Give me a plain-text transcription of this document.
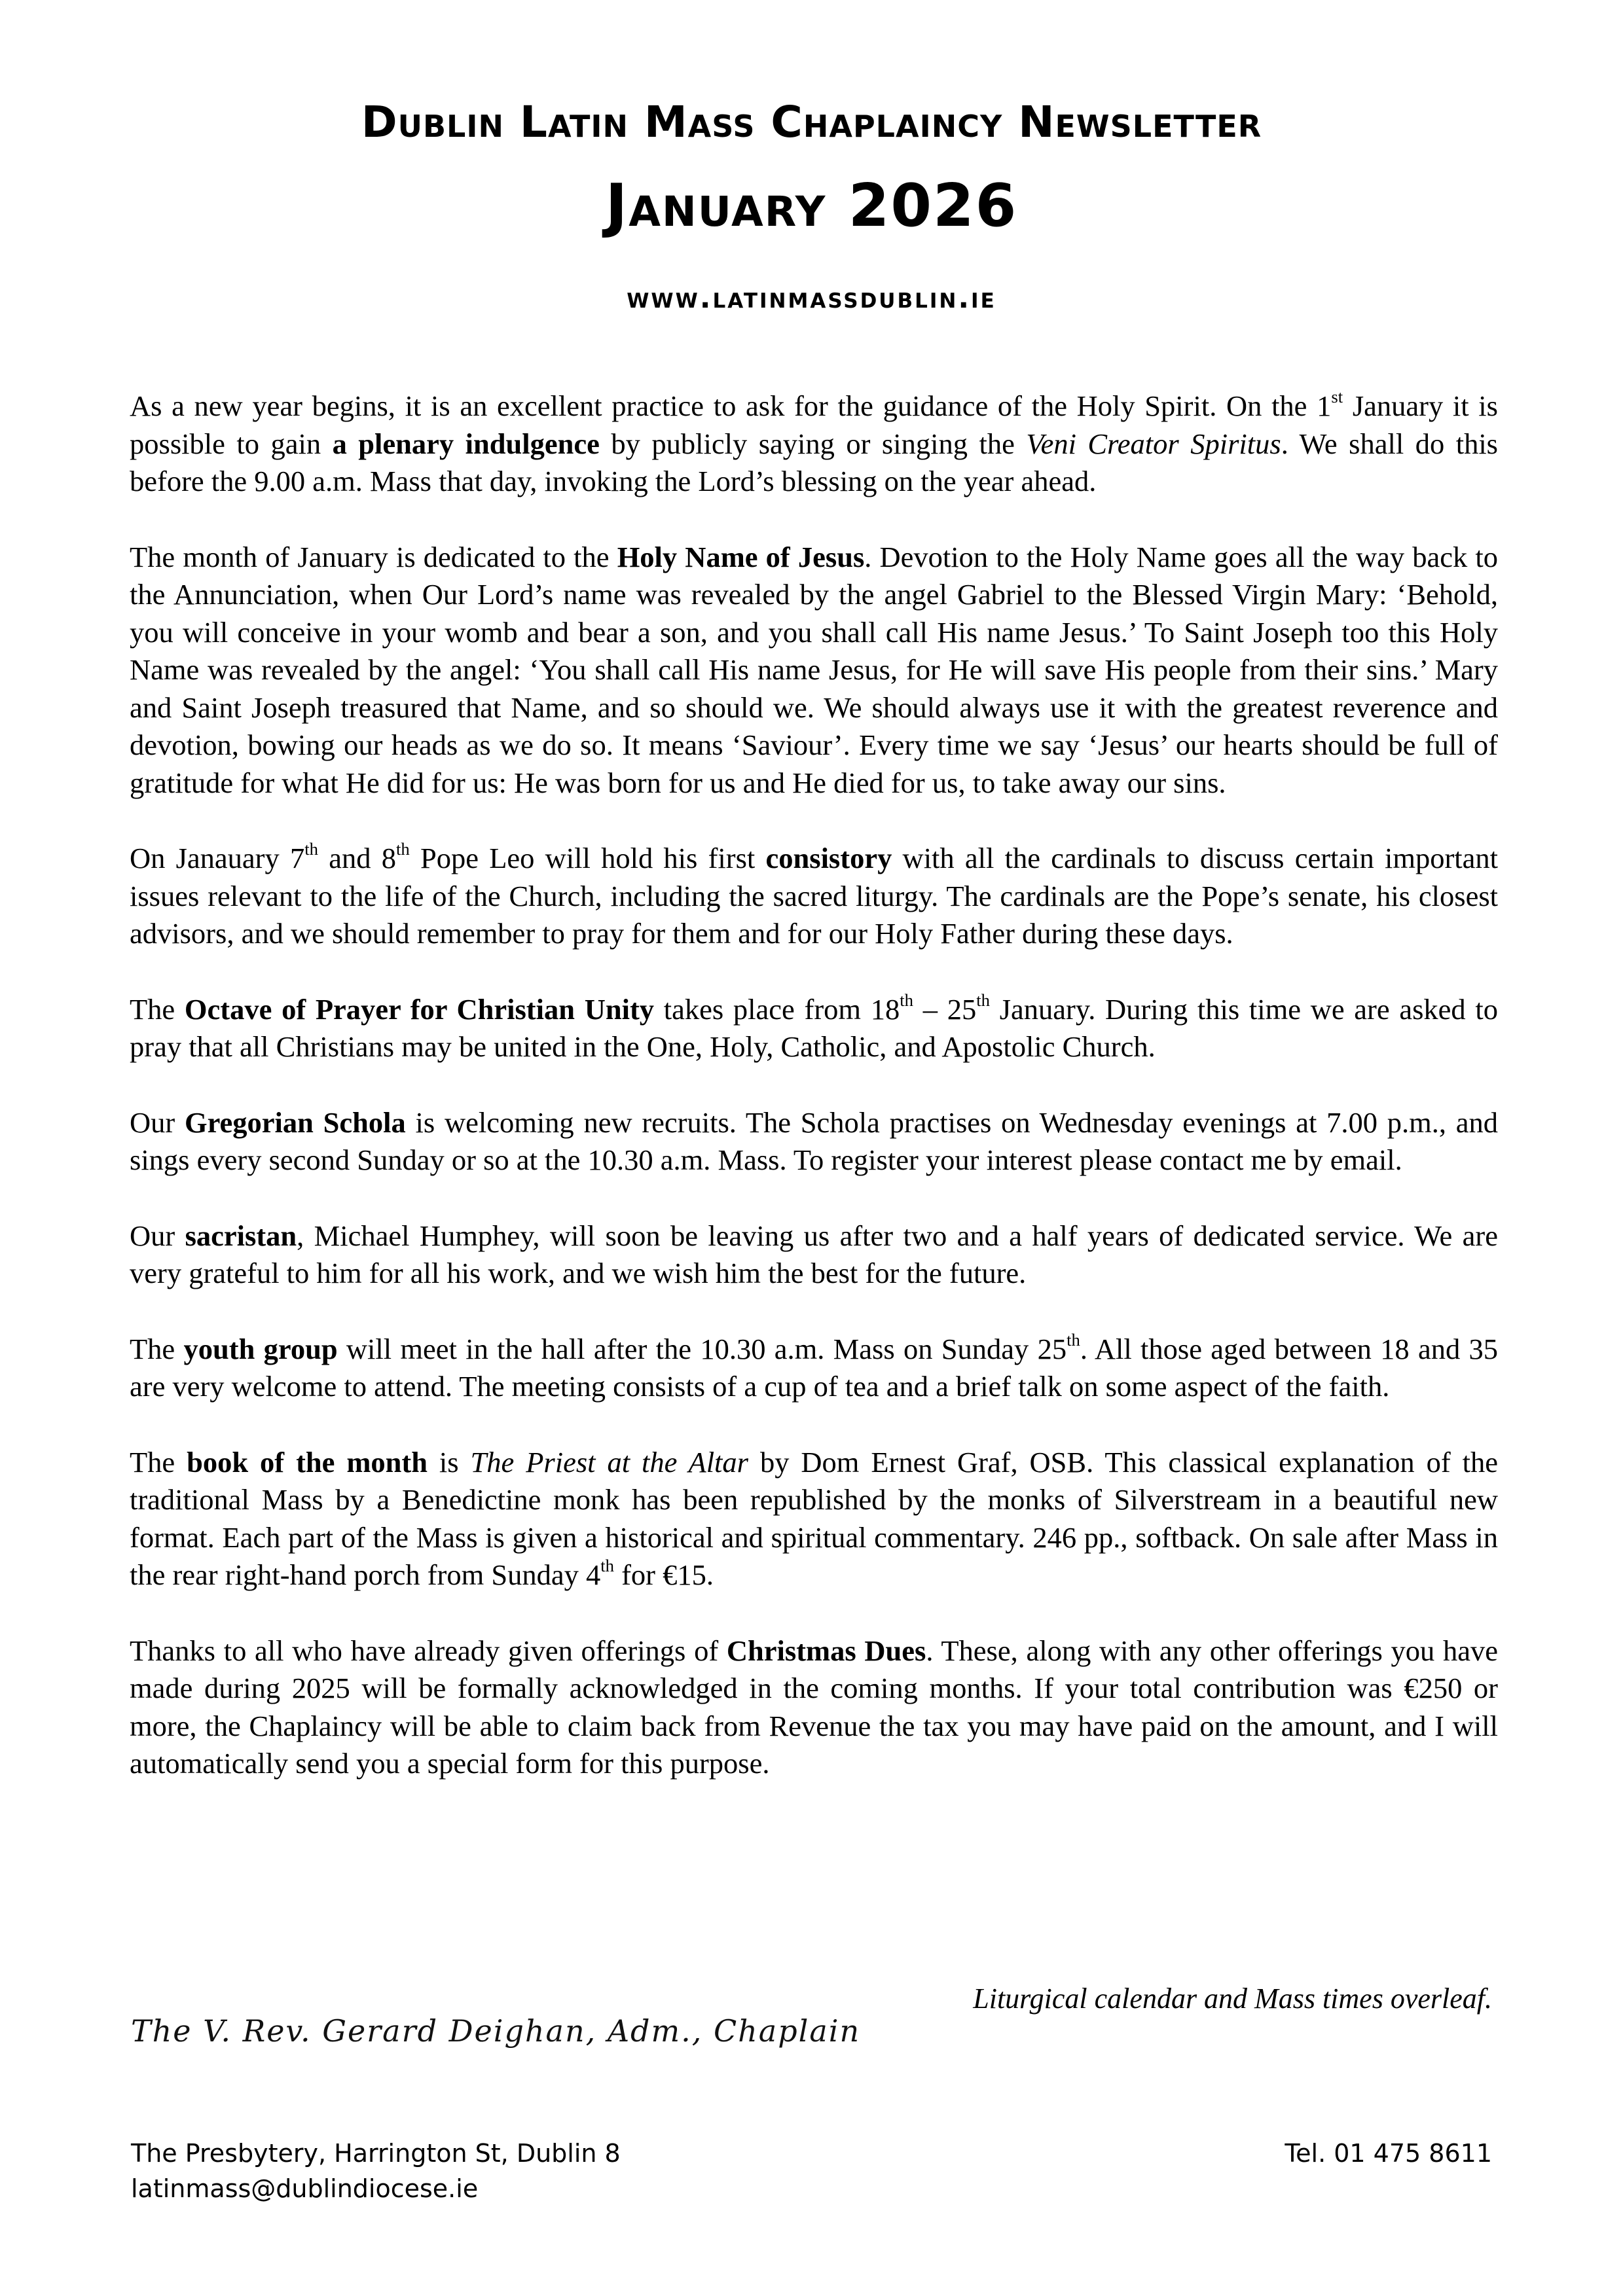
Dublin Latin Mass Chaplaincy Newsletter
January 2026
www.latinmassdublin.ie

As a new year begins, it is an excellent practice to ask for the guidance of the Holy Spirit. On the 1st January it is possible to gain a plenary indulgence by publicly saying or singing the Veni Creator Spiritus. We shall do this before the 9.00 a.m. Mass that day, invoking the Lord’s blessing on the year ahead.

The month of January is dedicated to the Holy Name of Jesus. Devotion to the Holy Name goes all the way back to the Annunciation, when Our Lord’s name was revealed by the angel Gabriel to the Blessed Virgin Mary: ‘Behold, you will conceive in your womb and bear a son, and you shall call His name Jesus.’ To Saint Joseph too this Holy Name was revealed by the angel: ‘You shall call His name Jesus, for He will save His people from their sins.’ Mary and Saint Joseph treasured that Name, and so should we. We should always use it with the greatest reverence and devotion, bowing our heads as we do so. It means ‘Saviour’. Every time we say ‘Jesus’ our hearts should be full of gratitude for what He did for us: He was born for us and He died for us, to take away our sins.

On Janauary 7th and 8th Pope Leo will hold his first consistory with all the cardinals to discuss certain important issues relevant to the life of the Church, including the sacred liturgy. The cardinals are the Pope’s senate, his closest advisors, and we should remember to pray for them and for our Holy Father during these days.

The Octave of Prayer for Christian Unity takes place from 18th – 25th January. During this time we are asked to pray that all Christians may be united in the One, Holy, Catholic, and Apostolic Church.

Our Gregorian Schola is welcoming new recruits. The Schola practises on Wednesday evenings at 7.00 p.m., and sings every second Sunday or so at the 10.30 a.m. Mass. To register your interest please contact me by email.

Our sacristan, Michael Humphey, will soon be leaving us after two and a half years of dedicated service. We are very grateful to him for all his work, and we wish him the best for the future.

The youth group will meet in the hall after the 10.30 a.m. Mass on Sunday 25th. All those aged between 18 and 35 are very welcome to attend. The meeting consists of a cup of tea and a brief talk on some aspect of the faith.

The book of the month is The Priest at the Altar by Dom Ernest Graf, OSB. This classical explanation of the traditional Mass by a Benedictine monk has been republished by the monks of Silverstream in a beautiful new format. Each part of the Mass is given a historical and spiritual commentary. 246 pp., softback. On sale after Mass in the rear right-hand porch from Sunday 4th for €15.

Thanks to all who have already given offerings of Christmas Dues. These, along with any other offerings you have made during 2025 will be formally acknowledged in the coming months. If your total contribution was €250 or more, the Chaplaincy will be able to claim back from Revenue the tax you may have paid on the amount, and I will automatically send you a special form for this purpose.

Liturgical calendar and Mass times overleaf.
The V. Rev. Gerard Deighan, Adm., Chaplain
The Presbytery, Harrington St, Dublin 8
latinmass@dublindiocese.ie
Tel. 01 475 8611
